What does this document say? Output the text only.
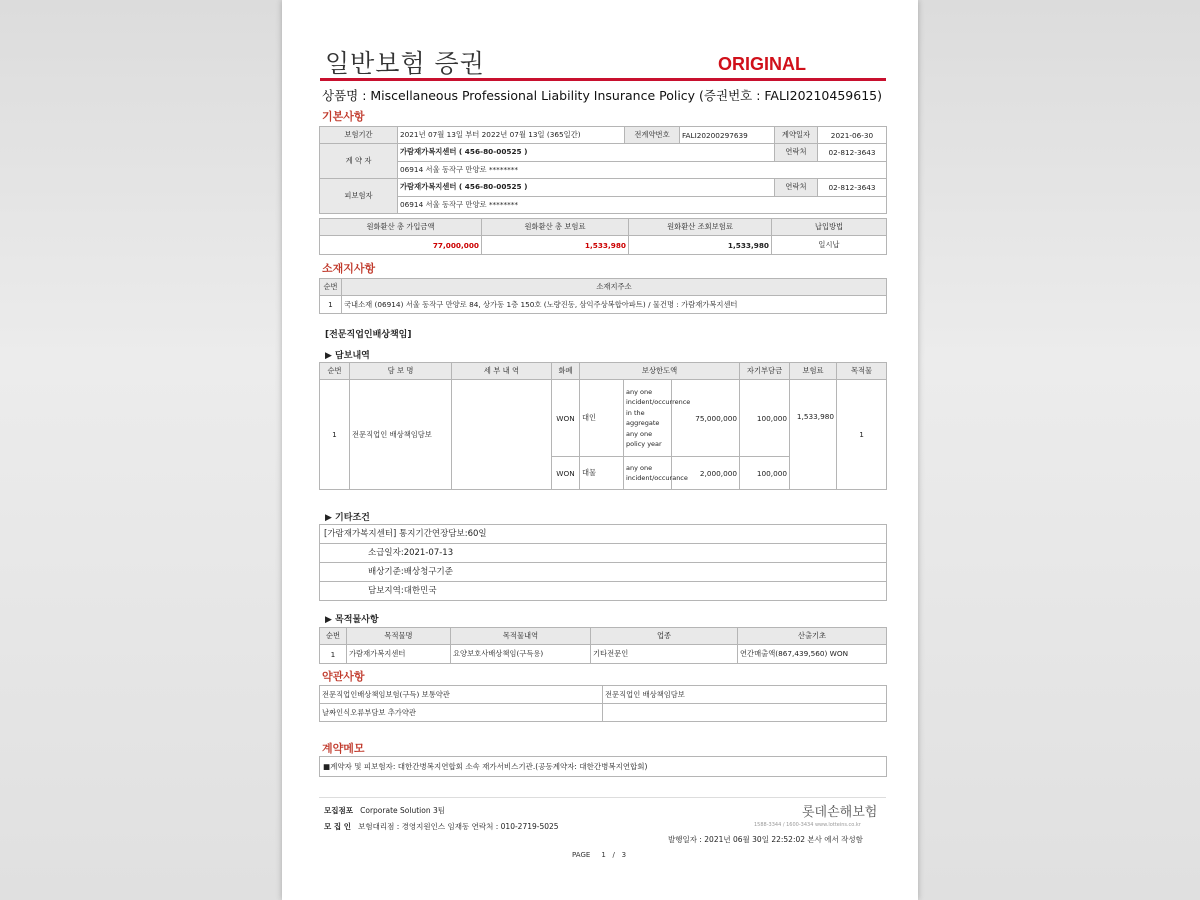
일반보험 증권	ORIGINAL
상품명 : Miscellaneous Professional Liability Insurance Policy (증권번호 : FALI20210459615)
기본사항
보험기간	2021년 07월 13일 부터 2022년 07월 13일 (365일간)	전계약번호	FALI20200297639	계약일자	2021-06-30
계 약 자	가람재가복지센터 ( 456-80-00525 )			연락처	02-812-3643
	06914 서울 동작구 만양로 ********				
피보험자	가람재가복지센터 ( 456-80-00525 )			연락처	02-812-3643
	06914 서울 동작구 만양로 ********				
원화환산 총 가입금액	원화환산 총 보험료	원화환산 조회보험료	납입방법
77,000,000	1,533,980	1,533,980	일시납
소재지사항
순번	소재지주소
1	국내소재 (06914) 서울 동작구 만양로 84, 상가동 1층 150호 (노량진동, 삼익주상복합아파트) / 물건명 : 가람재가복지센터
[전문직업인배상책임]
▶ 담보내역
순번	담 보 명	세 부 내 역	화폐	보상한도액			자기부담금	보험료	목적물
1	전문직업인 배상책임담보		WON	대인	any one incident/occurrence in the aggregate any one policy year	75,000,000	100,000	1,533,980	1
			WON	대물	any one incident/occurance	2,000,000	100,000		
▶ 기타조건
[가람재가복지센터] 통지기간연장담보:60일
소급일자:2021-07-13
배상기준:배상청구기준
담보지역:대한민국
▶ 목적물사항
순번	목적물명	목적물내역	업종	산출기초
1	가람재가복지센터	요양보호사배상책임(구득용)	기타전문인	연간매출액(867,439,560) WON
약관사항
전문직업인배상책임보험(구득) 보통약관	전문직업인 배상책임담보
날짜인식오류부담보 추가약관	
계약메모
■계약자 및 피보험자: 대한간병복지연합회 소속 재가서비스기관.(공동계약자: 대한간병복지연합회)
모집점포 Corporate Solution 3팀
모 집 인 보험대리점 : 경영지원인스 임재동 연락처 : 010-2719-5025
롯데손해보험
1588-3344 / 1600-3434 www.lotteins.co.kr
발행일자 : 2021년 06월 30일 22:52:02 본사 에서 작성함
PAGE     1   /   3
